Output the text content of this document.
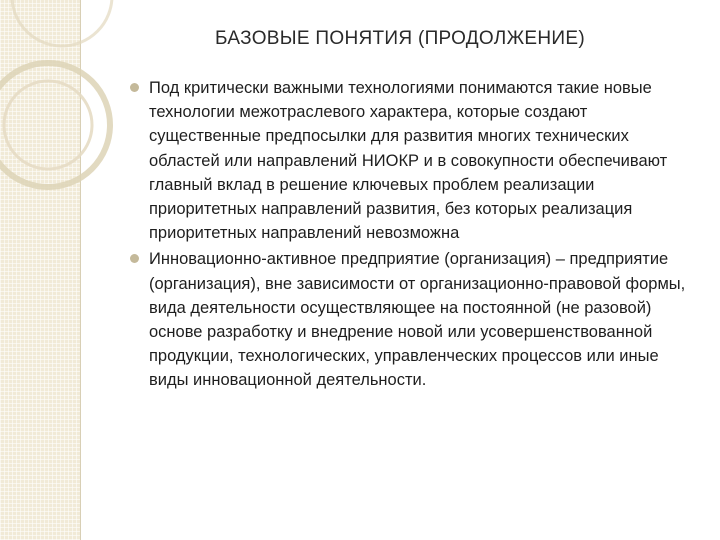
БАЗОВЫЕ ПОНЯТИЯ (ПРОДОЛЖЕНИЕ)
Под критически важными технологиями понимаются такие новые технологии межотраслевого характера, которые создают существенные предпосылки для развития многих технических областей или направлений НИОКР и в совокупности обеспечивают главный вклад в решение ключевых проблем реализации приоритетных направлений развития, без которых реализация приоритетных направлений невозможна
Инновационно-активное предприятие (организация) – предприятие (организация), вне зависимости от организационно-правовой формы, вида деятельности осуществляющее на постоянной (не разовой) основе разработку и внедрение новой или усовершенствованной продукции, технологических, управленческих процессов или иные виды инновационной деятельности.
